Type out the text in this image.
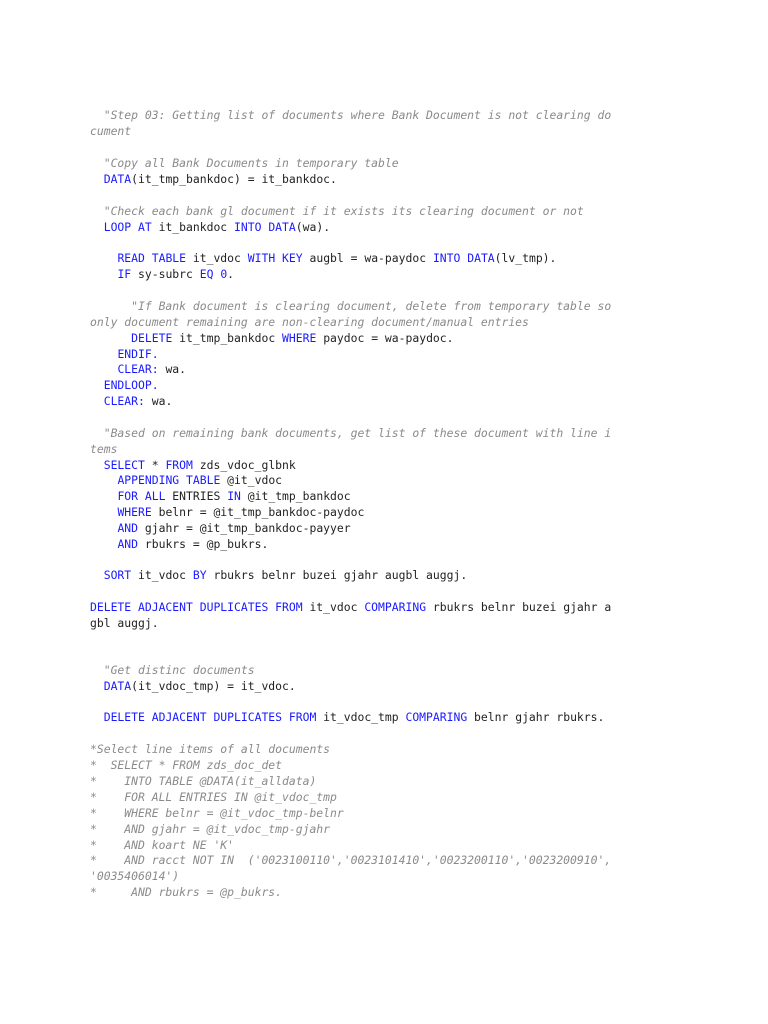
"Step 03: Getting list of documents where Bank Document is not clearing do
cument
"Copy all Bank Documents in temporary table
DATA(it_tmp_bankdoc) = it_bankdoc.
"Check each bank gl document if it exists its clearing document or not
LOOP AT it_bankdoc INTO DATA(wa).
READ TABLE it_vdoc WITH KEY augbl = wa-paydoc INTO DATA(lv_tmp).
IF sy-subrc EQ 0.
"If Bank document is clearing document, delete from temporary table so
only document remaining are non-clearing document/manual entries
DELETE it_tmp_bankdoc WHERE paydoc = wa-paydoc.
ENDIF.
CLEAR: wa.
ENDLOOP.
CLEAR: wa.
"Based on remaining bank documents, get list of these document with line i
tems
SELECT * FROM zds_vdoc_glbnk
APPENDING TABLE @it_vdoc
FOR ALL ENTRIES IN @it_tmp_bankdoc
WHERE belnr = @it_tmp_bankdoc-paydoc
AND gjahr = @it_tmp_bankdoc-payyer
AND rbukrs = @p_bukrs.
SORT it_vdoc BY rbukrs belnr buzei gjahr augbl auggj.
DELETE ADJACENT DUPLICATES FROM it_vdoc COMPARING rbukrs belnr buzei gjahr a
gbl auggj.
"Get distinc documents
DATA(it_vdoc_tmp) = it_vdoc.
DELETE ADJACENT DUPLICATES FROM it_vdoc_tmp COMPARING belnr gjahr rbukrs.
*Select line items of all documents
*  SELECT * FROM zds_doc_det
*    INTO TABLE @DATA(it_alldata)
*    FOR ALL ENTRIES IN @it_vdoc_tmp
*    WHERE belnr = @it_vdoc_tmp-belnr
*    AND gjahr = @it_vdoc_tmp-gjahr
*    AND koart NE 'K'
*    AND racct NOT IN  ('0023100110','0023101410','0023200110','0023200910',
'0035406014')
*     AND rbukrs = @p_bukrs.
